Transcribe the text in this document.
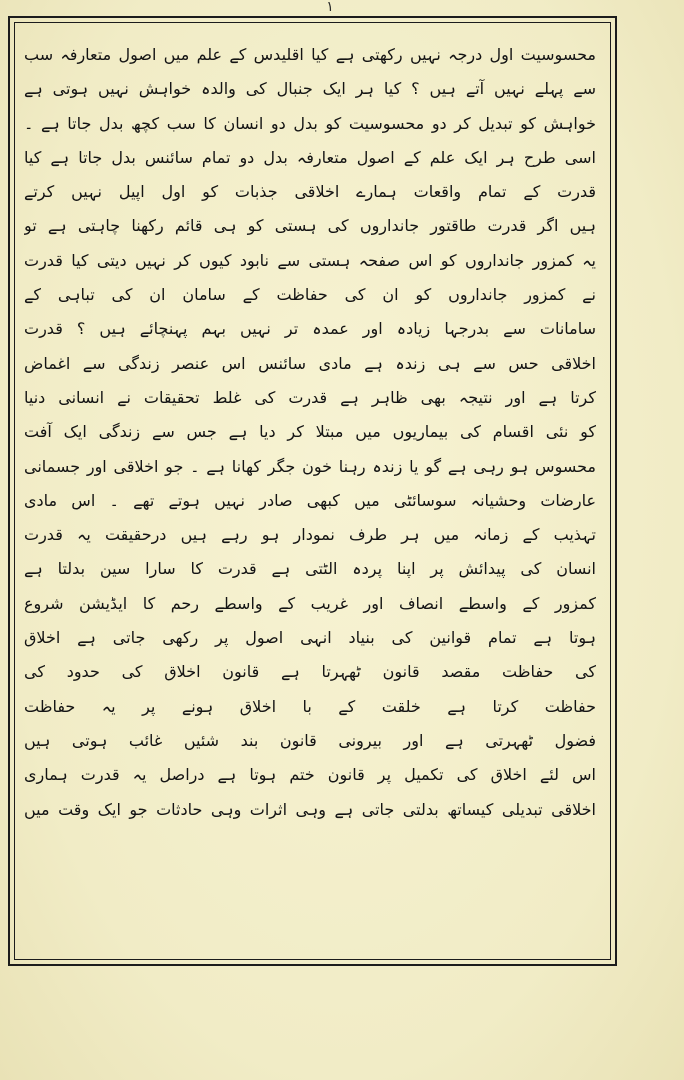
۱
محسوسیت اول درجہ نہیں رکھتی ہے کیا اقلیدس کے علم میں اصول متعارفہ سب
سے پہلے نہیں آتے ہیں ؟ کیا ہر ایک جنبال کی والدہ خواہش نہیں ہوتی ہے
خواہش کو تبدیل کر دو محسوسیت کو بدل دو انسان کا سب کچھ بدل جاتا ہے ۔
اسی طرح ہر ایک علم کے اصول متعارفہ بدل دو تمام سائنس بدل جاتا ہے کیا
قدرت کے تمام واقعات ہمارے اخلاقی جذبات کو اول اپیل نہیں کرتے
ہیں اگر قدرت طاقتور جانداروں کی ہستی کو ہی قائم رکھنا چاہتی ہے تو
یہ کمزور جانداروں کو اس صفحہ ہستی سے نابود کیوں کر نہیں دیتی کیا قدرت
نے کمزور جانداروں کو ان کی حفاظت کے سامان ان کی تباہی کے
سامانات سے بدرجہا زیادہ اور عمدہ تر نہیں بہم پہنچائے ہیں ؟ قدرت
اخلاقی حس سے ہی زندہ ہے مادی سائنس اس عنصر زندگی سے اغماض
کرتا ہے اور نتیجہ بھی ظاہر ہے قدرت کی غلط تحقیقات نے انسانی دنیا
کو نئی اقسام کی بیماریوں میں مبتلا کر دیا ہے جس سے زندگی ایک آفت
محسوس ہو رہی ہے گو یا زندہ رہنا خون جگر کھانا ہے ۔ جو اخلاقی اور جسمانی
عارضات وحشیانہ سوسائٹی میں کبھی صادر نہیں ہوتے تھے ۔ اس مادی
تہذیب کے زمانہ میں ہر طرف نمودار ہو رہے ہیں درحقیقت یہ قدرت
انسان کی پیدائش پر اپنا پردہ الٹتی ہے قدرت کا سارا سین بدلتا ہے
کمزور کے واسطے انصاف اور غریب کے واسطے رحم کا ایڈیشن شروع
ہوتا ہے تمام قوانین کی بنیاد انہی اصول پر رکھی جاتی ہے اخلاق
کی حفاظت مقصد قانون ٹھہرتا ہے قانون اخلاق کی حدود کی
حفاظت کرتا ہے خلقت کے با اخلاق ہونے پر یہ حفاظت
فضول ٹھہرتی ہے اور بیرونی قانون بند شئیں غائب ہوتی ہیں
اس لئے اخلاق کی تکمیل پر قانون ختم ہوتا ہے دراصل یہ قدرت ہماری
اخلاقی تبدیلی کیساتھ بدلتی جاتی ہے وہی اثرات وہی حادثات جو ایک وقت میں
